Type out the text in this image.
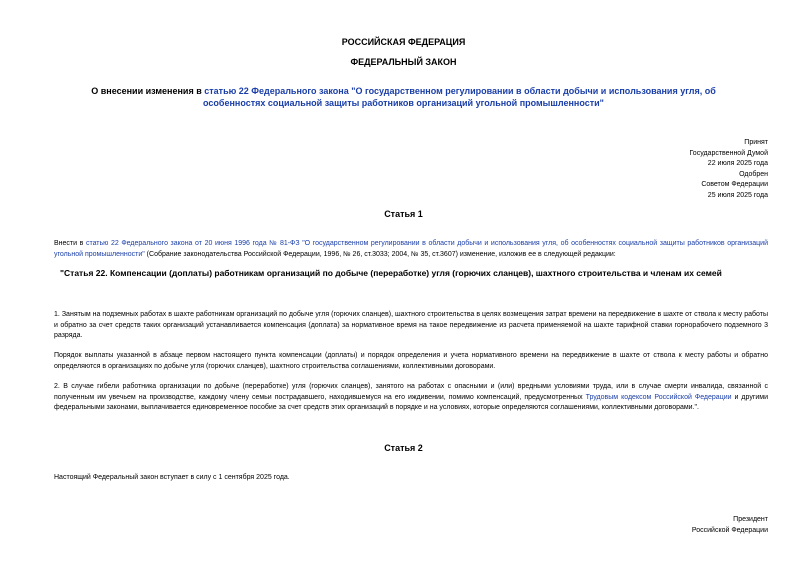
РОССИЙСКАЯ ФЕДЕРАЦИЯ
ФЕДЕРАЛЬНЫЙ ЗАКОН
О внесении изменения в статью 22 Федерального закона "О государственном регулировании в области добычи и использования угля, об особенностях социальной защиты работников организаций угольной промышленности"
Принят
Государственной Думой
22 июля 2025 года
Одобрен
Советом Федерации
25 июля 2025 года
Статья 1
Внести в статью 22 Федерального закона от 20 июня 1996 года № 81-ФЗ "О государственном регулировании в области добычи и использования угля, об особенностях социальной защиты работников организаций угольной промышленности" (Собрание законодательства Российской Федерации, 1996, № 26, ст.3033; 2004, № 35, ст.3607) изменение, изложив ее в следующей редакции:
"Статья 22. Компенсации (доплаты) работникам организаций по добыче (переработке) угля (горючих сланцев), шахтного строительства и членам их семей
1. Занятым на подземных работах в шахте работникам организаций по добыче угля (горючих сланцев), шахтного строительства в целях возмещения затрат времени на передвижение в шахте от ствола к месту работы и обратно за счет средств таких организаций устанавливается компенсация (доплата) за нормативное время на такое передвижение из расчета применяемой на шахте тарифной ставки горнорабочего подземного 3 разряда.
Порядок выплаты указанной в абзаце первом настоящего пункта компенсации (доплаты) и порядок определения и учета нормативного времени на передвижение в шахте от ствола к месту работы и обратно определяются в организациях по добыче угля (горючих сланцев), шахтного строительства соглашениями, коллективными договорами.
2. В случае гибели работника организации по добыче (переработке) угля (горючих сланцев), занятого на работах с опасными и (или) вредными условиями труда, или в случае смерти инвалида, связанной с полученным им увечьем на производстве, каждому члену семьи пострадавшего, находившемуся на его иждивении, помимо компенсаций, предусмотренных Трудовым кодексом Российской Федерации и другими федеральными законами, выплачивается единовременное пособие за счет средств этих организаций в порядке и на условиях, которые определяются соглашениями, коллективными договорами.".
Статья 2
Настоящий Федеральный закон вступает в силу с 1 сентября 2025 года.
Президент
Российской Федерации
